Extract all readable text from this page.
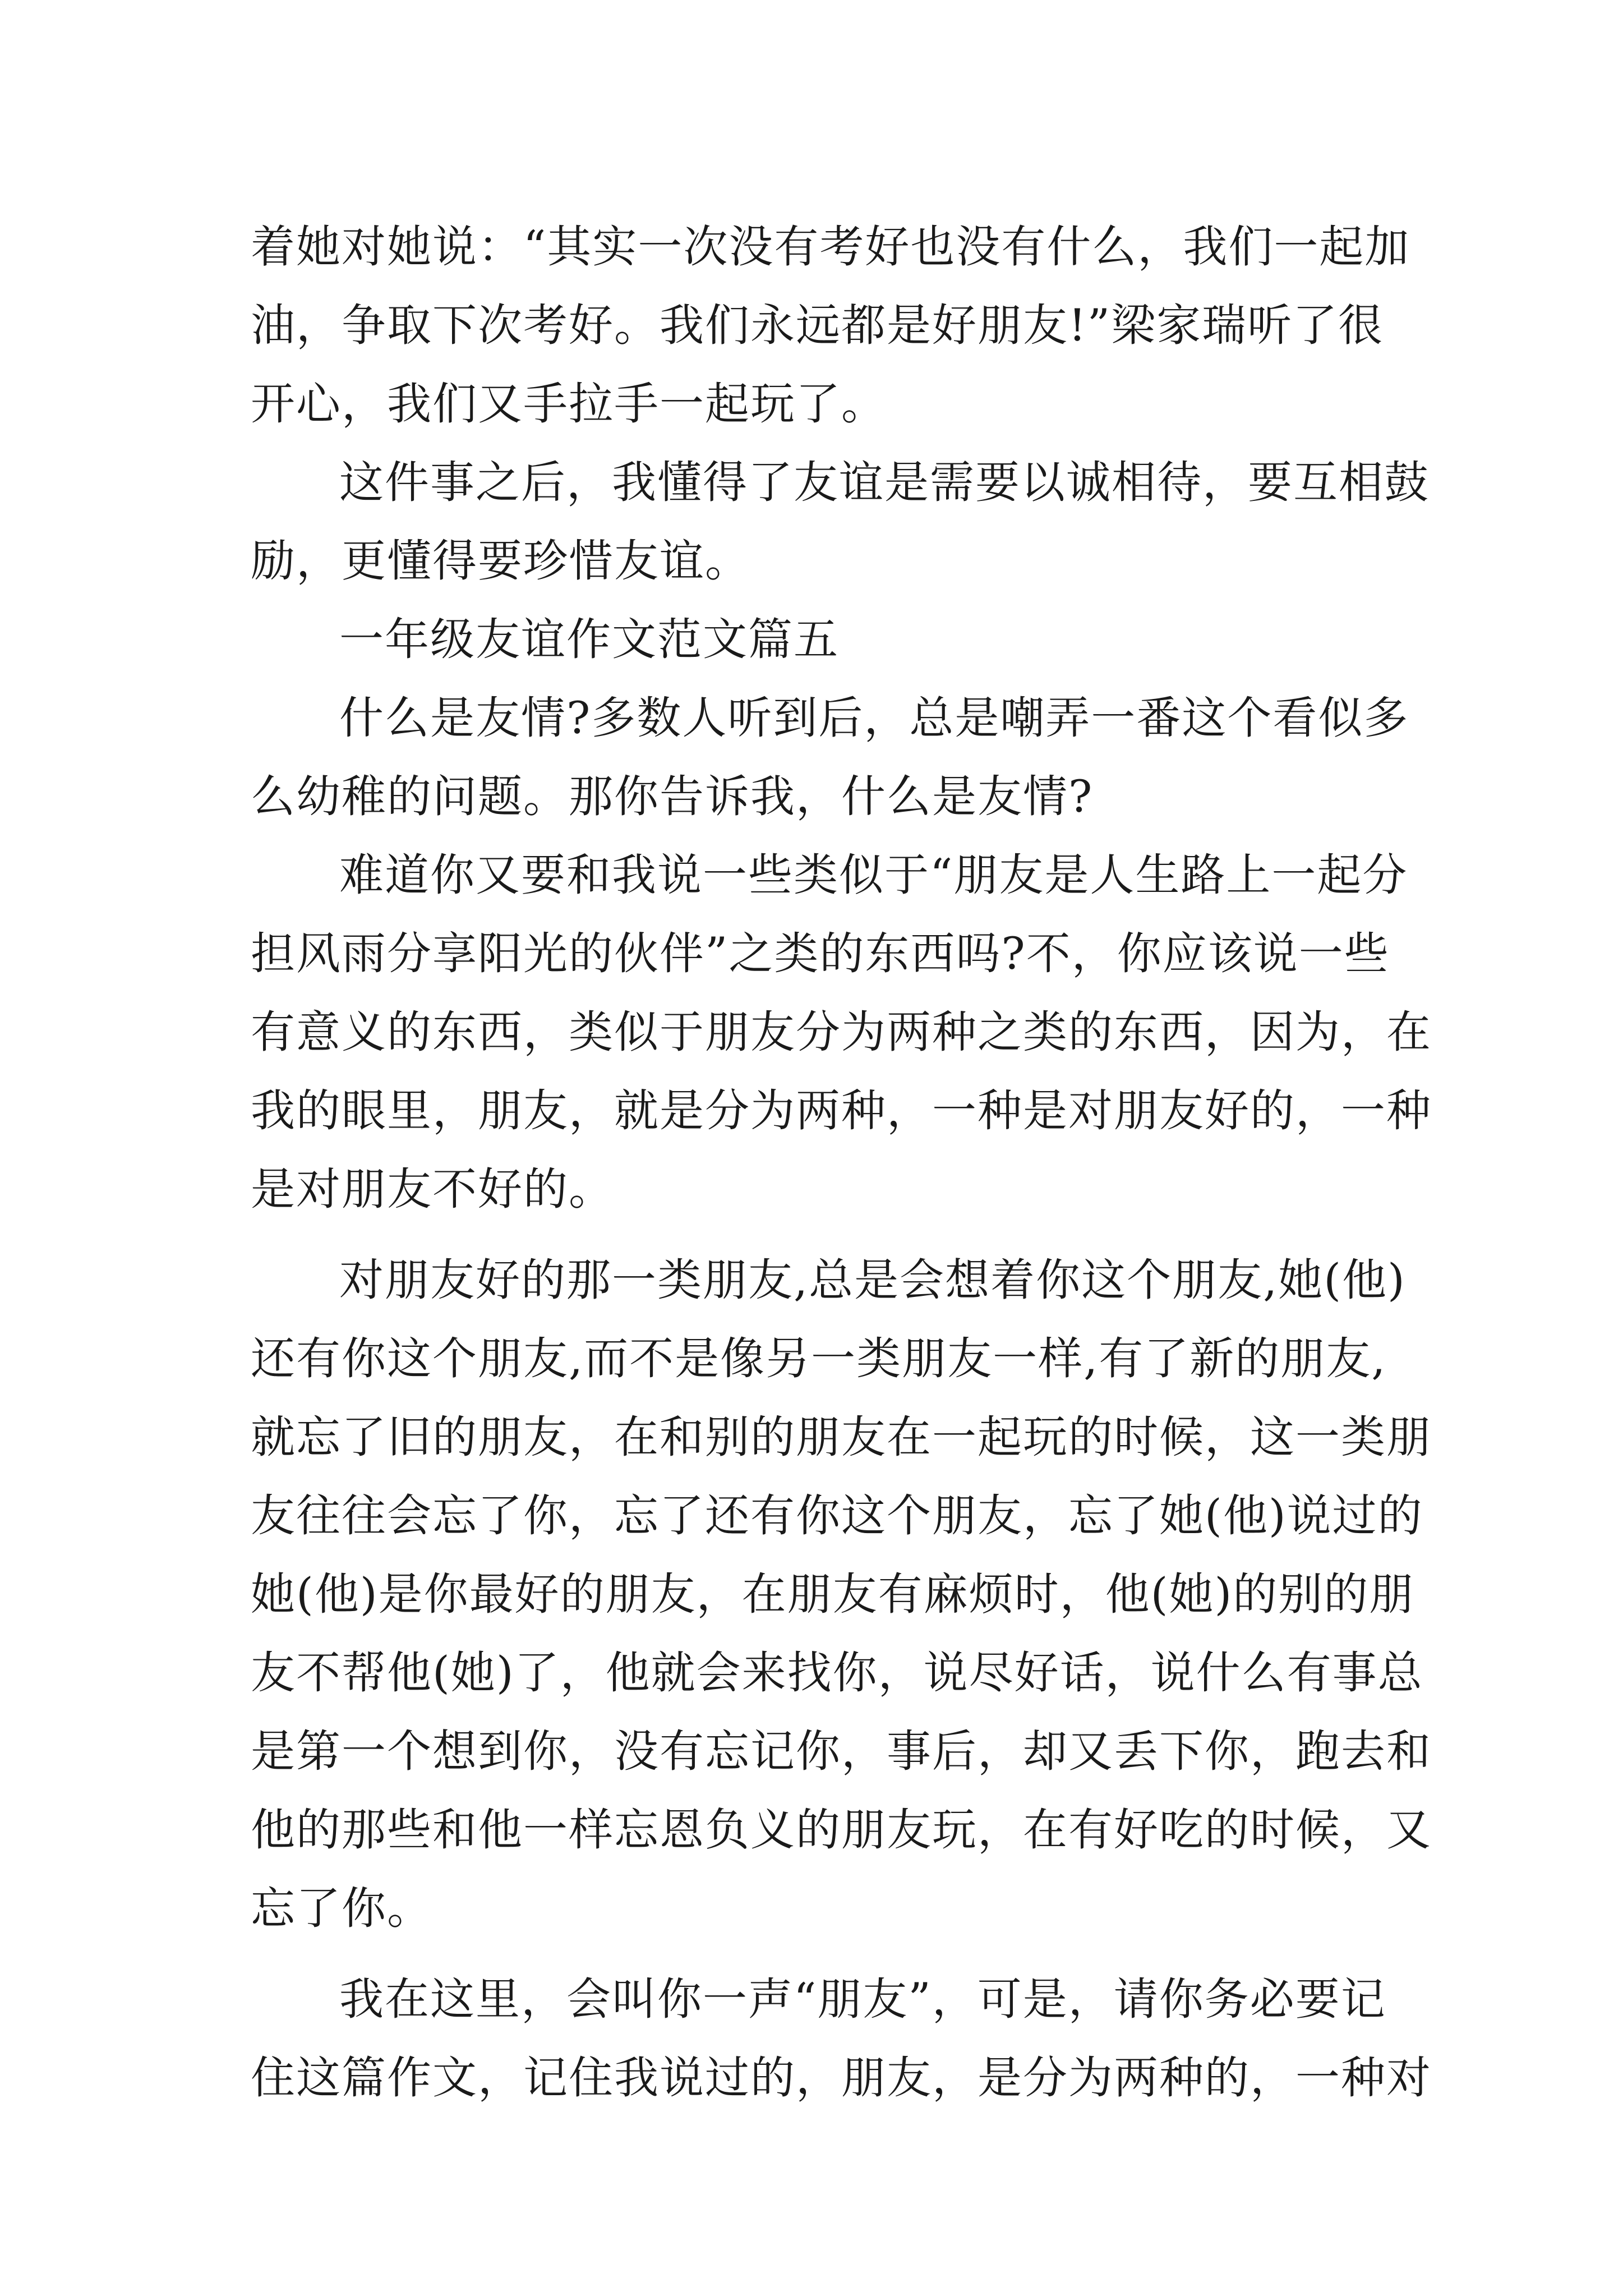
着她对她说：“其实一次没有考好也没有什么，我们一起加
油，争取下次考好。我们永远都是好朋友!”梁家瑞听了很
开心，我们又手拉手一起玩了。
这件事之后，我懂得了友谊是需要以诚相待，要互相鼓
励，更懂得要珍惜友谊。
一年级友谊作文范文篇五
什么是友情?多数人听到后，总是嘲弄一番这个看似多
么幼稚的问题。那你告诉我，什么是友情?
难道你又要和我说一些类似于“朋友是人生路上一起分
担风雨分享阳光的伙伴”之类的东西吗?不，你应该说一些
有意义的东西，类似于朋友分为两种之类的东西，因为，在
我的眼里，朋友，就是分为两种，一种是对朋友好的，一种
是对朋友不好的。
对朋友好的那一类朋友,总是会想着你这个朋友,她(他)
还有你这个朋友,而不是像另一类朋友一样,有了新的朋友,
就忘了旧的朋友，在和别的朋友在一起玩的时候，这一类朋
友往往会忘了你，忘了还有你这个朋友，忘了她(他)说过的
她(他)是你最好的朋友，在朋友有麻烦时，他(她)的别的朋
友不帮他(她)了，他就会来找你，说尽好话，说什么有事总
是第一个想到你，没有忘记你，事后，却又丢下你，跑去和
他的那些和他一样忘恩负义的朋友玩，在有好吃的时候，又
忘了你。
我在这里，会叫你一声“朋友”，可是，请你务必要记
住这篇作文，记住我说过的，朋友，是分为两种的，一种对
